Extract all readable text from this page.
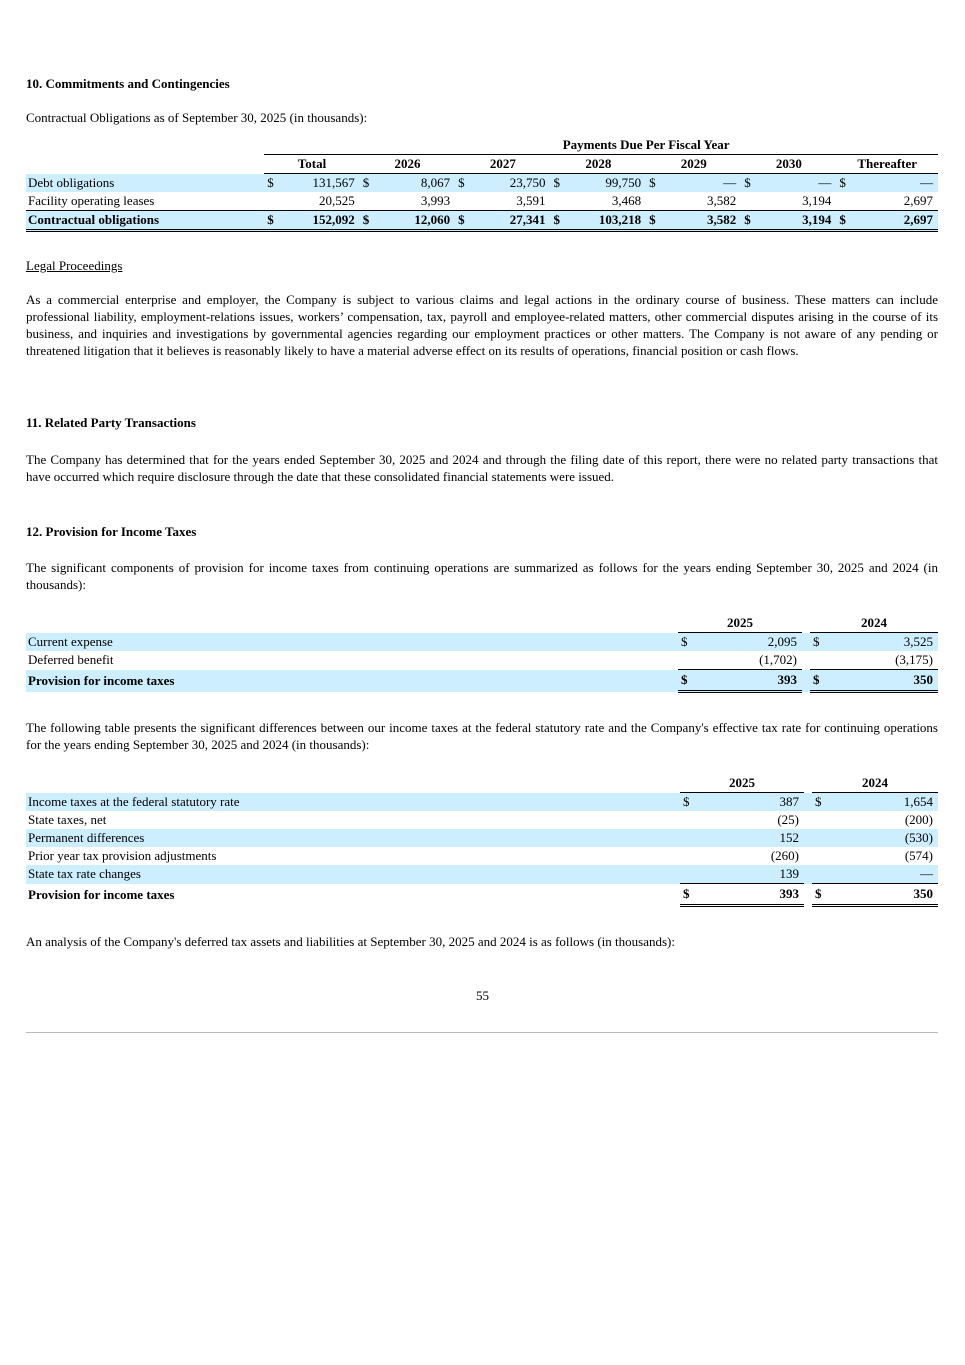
10. Commitments and Contingencies
Contractual Obligations as of September 30, 2025 (in thousands):
		Payments Due Per Fiscal Year													
		Total		2026		2027		2028		2029		2030		Thereafter	
Debt obligations		$	131,567	$	8,067	$	23,750	$	99,750	$	—	$	—	$	—
Facility operating leases			20,525		3,993		3,591		3,468		3,582		3,194		2,697
Contractual obligations		$	152,092	$	12,060	$	27,341	$	103,218	$	3,582	$	3,194	$	2,697
Legal Proceedings
As a commercial enterprise and employer, the Company is subject to various claims and legal actions in the ordinary course of business. These matters can include professional liability, employment-relations issues, workers’ compensation, tax, payroll and employee-related matters, other commercial disputes arising in the course of its business, and inquiries and investigations by governmental agencies regarding our employment practices or other matters. The Company is not aware of any pending or threatened litigation that it believes is reasonably likely to have a material adverse effect on its results of operations, financial position or cash flows.
11. Related Party Transactions
The Company has determined that for the years ended September 30, 2025 and 2024 and through the filing date of this report, there were no related party transactions that have occurred which require disclosure through the date that these consolidated financial statements were issued.
12. Provision for Income Taxes
The significant components of provision for income taxes from continuing operations are summarized as follows for the years ending September 30, 2025 and 2024 (in thousands):
	2025			2024	
Current expense	$	2,095		$	3,525
Deferred benefit		(1,702)			(3,175)
Provision for income taxes	$	393		$	350
The following table presents the significant differences between our income taxes at the federal statutory rate and the Company's effective tax rate for continuing operations for the years ending September 30, 2025 and 2024 (in thousands):
	2025			2024	
Income taxes at the federal statutory rate	$	387		$	1,654
State taxes, net		(25)			(200)
Permanent differences		152			(530)
Prior year tax provision adjustments		(260)			(574)
State tax rate changes		139			—
Provision for income taxes	$	393		$	350
An analysis of the Company's deferred tax assets and liabilities at September 30, 2025 and 2024 is as follows (in thousands):
55
